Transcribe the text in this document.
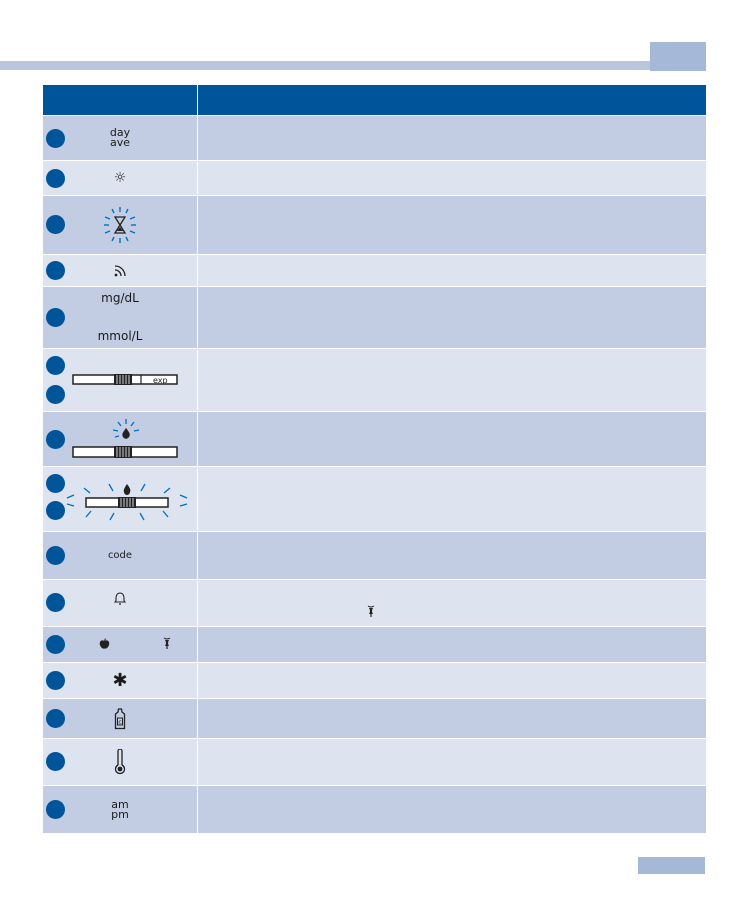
day
ave
☼
mg/dL
mmol/L
exp
code
✱
c
am
pm
